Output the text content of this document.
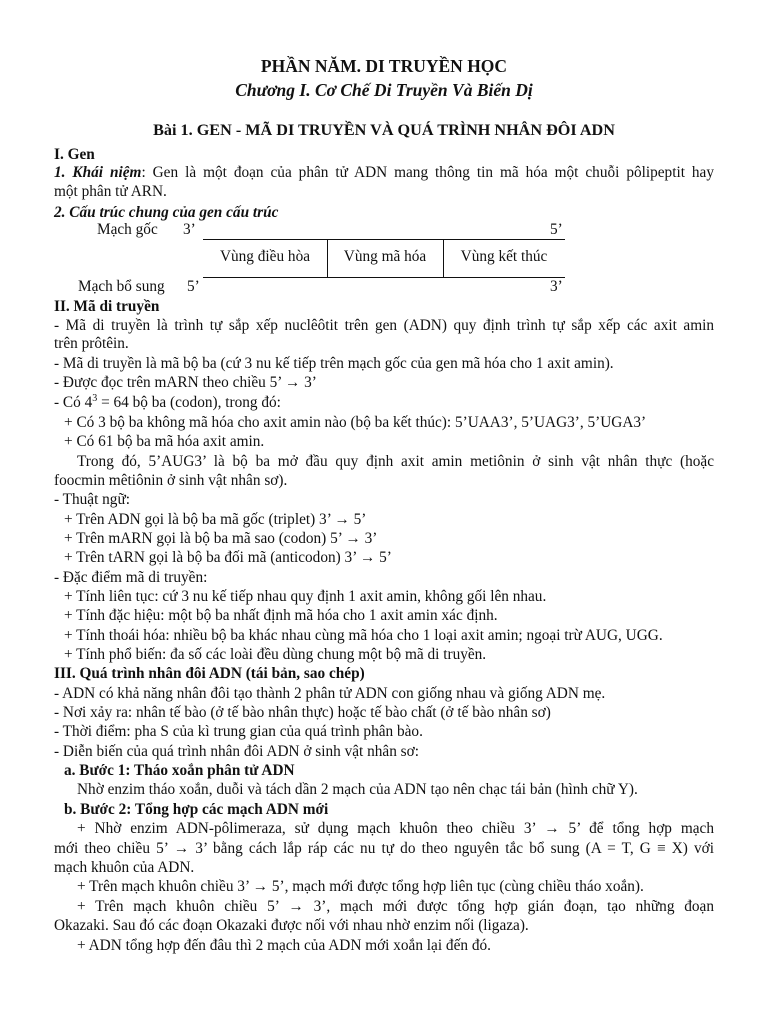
PHẦN NĂM. DI TRUYỀN HỌC
Chương I. Cơ Chế Di Truyền Và Biến Dị
Bài 1. GEN - MÃ DI TRUYỀN VÀ QUÁ TRÌNH NHÂN ĐÔI ADN
I. Gen
1. Khái niệm: Gen là một đoạn của phân tử ADN mang thông tin mã hóa một chuỗi pôlipeptit hay
một phân tử ARN.
2. Cấu trúc chung của gen cấu trúc
Mạch gốc 3’	5’
Vùng điều hòa	Vùng mã hóa	Vùng kết thúc
Mạch bổ sung 5’	3’
II. Mã di truyền
- Mã di truyền là trình tự sắp xếp nuclêôtit trên gen (ADN) quy định trình tự sắp xếp các axit amin
trên prôtêin.
- Mã di truyền là mã bộ ba (cứ 3 nu kế tiếp trên mạch gốc của gen mã hóa cho 1 axit amin).
- Được đọc trên mARN theo chiều 5’ → 3’
- Có $4^3 = 64$ bộ ba (codon), trong đó:
+ Có 3 bộ ba không mã hóa cho axit amin nào (bộ ba kết thúc): 5’UAA3’, 5’UAG3’, 5’UGA3’
+ Có 61 bộ ba mã hóa axit amin.
Trong đó, 5’AUG3’ là bộ ba mở đầu quy định axit amin metiônin ở sinh vật nhân thực (hoặc
foocmin mêtiônin ở sinh vật nhân sơ).
- Thuật ngữ:
+ Trên ADN gọi là bộ ba mã gốc (triplet) 3’ → 5’
+ Trên mARN gọi là bộ ba mã sao (codon) 5’ → 3’
+ Trên tARN gọi là bộ ba đối mã (anticodon) 3’ → 5’
- Đặc điểm mã di truyền:
+ Tính liên tục: cứ 3 nu kế tiếp nhau quy định 1 axit amin, không gối lên nhau.
+ Tính đặc hiệu: một bộ ba nhất định mã hóa cho 1 axit amin xác định.
+ Tính thoái hóa: nhiều bộ ba khác nhau cùng mã hóa cho 1 loại axit amin; ngoại trừ AUG, UGG.
+ Tính phổ biến: đa số các loài đều dùng chung một bộ mã di truyền.
III. Quá trình nhân đôi ADN (tái bản, sao chép)
- ADN có khả năng nhân đôi tạo thành 2 phân tử ADN con giống nhau và giống ADN mẹ.
- Nơi xảy ra: nhân tế bào (ở tế bào nhân thực) hoặc tế bào chất (ở tế bào nhân sơ)
- Thời điểm: pha S của kì trung gian của quá trình phân bào.
- Diễn biến của quá trình nhân đôi ADN ở sinh vật nhân sơ:
a. Bước 1: Tháo xoắn phân tử ADN
Nhờ enzim tháo xoắn, duỗi và tách dần 2 mạch của ADN tạo nên chạc tái bản (hình chữ Y).
b. Bước 2: Tổng hợp các mạch ADN mới
+ Nhờ enzim ADN-pôlimeraza, sử dụng mạch khuôn theo chiều 3’ → 5’ để tổng hợp mạch
mới theo chiều 5’ → 3’ bằng cách lắp ráp các nu tự do theo nguyên tắc bổ sung (A = T, G ≡ X) với
mạch khuôn của ADN.
+ Trên mạch khuôn chiều 3’ → 5’, mạch mới được tổng hợp liên tục (cùng chiều tháo xoắn).
+ Trên mạch khuôn chiều 5’ → 3’, mạch mới được tổng hợp gián đoạn, tạo những đoạn
Okazaki. Sau đó các đoạn Okazaki được nối với nhau nhờ enzim nối (ligaza).
+ ADN tổng hợp đến đâu thì 2 mạch của ADN mới xoắn lại đến đó.
